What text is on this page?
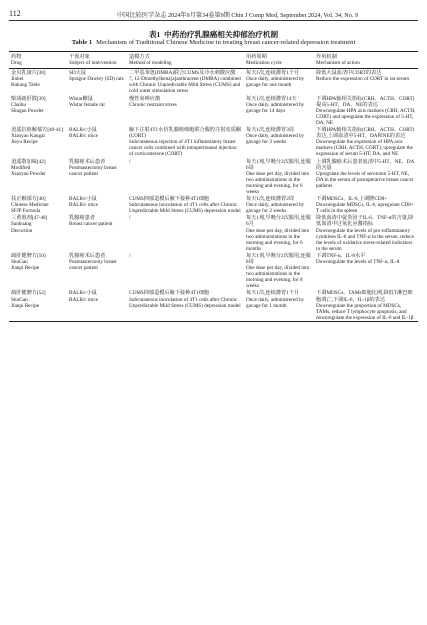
112	中国比较医学杂志 2024年9月第34卷第9期 Chin J Comp Med, September 2024, Vol. 34, No. 9
表1 中药治疗乳腺癌相关抑郁治疗机制
Table 1 Mechanism of Traditional Chinese Medicine in treating breast cancer-related depression treatment
药物
Drug	干预对象
Subject of intervention	造模方式
Method of modeling	用药周期
Medication cycle	作用机制
Mechanism of action

金贝乳康片[38]
Jinbei
Rukang Table	SD大鼠
Sprague Dawley (SD) rats	二甲基苯蒽(DMBA)联合CUMS及冷水刺激应激
7, 12-Dimethylbenz[a]anthracene (DMBA) combined with Chronic Unpredictable Mild Stress (CUMS) and cold water stimulation stress	每天1次,连续灌胃1个月
Once daily, administered by gavage for one month	降低大鼠血清中CORT的表达
Reduce the expression of CORT in rat serum

柴胡疏肝散[39]
Chaihu
Shugan Powder	Wistar雌鼠
Wistar female rat	慢性束缚应激
Chronic restraint stress	每天1次,连续灌胃14天
Once daily, administered by gavage for 14 days	下调HPA轴相关指标(CRH、ACTH、CORT)提高5-HT、DA、NE的表达
Downregulate HPA axis markers (CRH, ACTH, CORT) and upregulate the expression of 5-HT, DA, NE

逍遥抗癌解郁方[40-41]
Xiaoyao Kangai
Jieyu Recipe	BALB/c小鼠
BALB/c mice	腋下注射4T1水仿乳腺癌细胞联合腹腔注射皮质酮(CORT)
Subcutaneous injection of 4T1 inflammatory breast cancer cells combined with intraperitoneal injection of corticosterone (CORT)	每天1次,连续灌胃3周
Once daily, administered by gavage for 3 weeks	下调HPA轴相关指标(CRH、ACTH、CORT)表达,上调血清中5-HT、DA和NE的表达
Downregulate the expression of HPA axis markers (CRH, ACTH, CORT); upregulate the expression of serum 5-HT, DA, and NE

逍遥散加味[42]
Modified
Xiaoyao Powder	乳腺癌术后患者
Postmastectomy breast cancer patient	/	每天1剂,早晚分2次服用,连服6周
One dose per day, divided into two administrations in the morning and evening, for 6 weeks	上调乳腺癌术后患者血清中5-HT、NE、DA的含量
Upregulate the levels of serotonin 5-HT, NE, DA in the serum of postoperative breast cancer patients

扶正解郁方[40]
Chinese Medicine
SFJP Formula	BALB/c小鼠
BALB/c mice	CUMS抑郁造模后腋下接种4T1细胞
Subcutaneous inoculation of 4T1 cells after Chronic Unpredictable Mild Stress (CUMS) depression model	每天1次,连续灌胃2周
Once daily, administered by gavage for 2 weeks	下调MDSCs、IL-6,上调脾CD8+
Downregulate MDSCs, IL-6, upregulate CD8+ T cells in the spleen

三黄煎剂[47-48]
Sanhuang
Decoction	乳腺癌患者
Breast cancer patient	/	每天1剂,早晚分2次服用,连服6月
One dose per day, divided into two administrations in the morning and evening, for 6 months	降低血清中促炎因子IL-6、TNF-α的含量,降低血清中过氧化应激指标
Downregulate the levels of pro-inflammatory cytokines IL-6 and TNF-α in the serum, reduce the levels of oxidative stress-related indicators in the serum

疏肝健脾方[50]
ShuGan
Jianpi Recipe	乳腺癌术后患者
Postmastectomy breast cancer patient	/	每天1剂,早晚分2次服用,连服8周
One dose per day, divided into two administrations in the morning and evening, for 8 weeks	下调TNF-α、IL-8水平
Downregulate the levels of TNF-α, IL-8

疏肝健脾方[52]
ShuGan
Jianpi Recipe	BALB/c小鼠
BALB/c mice	CUMS抑郁造模后腋下接种4T1细胞
Subcutaneous inoculation of 4T1 cells after Chronic Unpredictable Mild Stress (CUMS) depression model	每天1次,连续灌胃1个月
Once daily, administered by gavage for 1 month	下调MDSCs、TAMs细胞比例,降低T淋巴细胞凋亡,下调IL-6、IL-1β的表达
Downregulate the proportion of MDSCs, TAMs, reduce T lymphocyte apoptosis, and downregulate the expression of IL-6 and IL-1β
